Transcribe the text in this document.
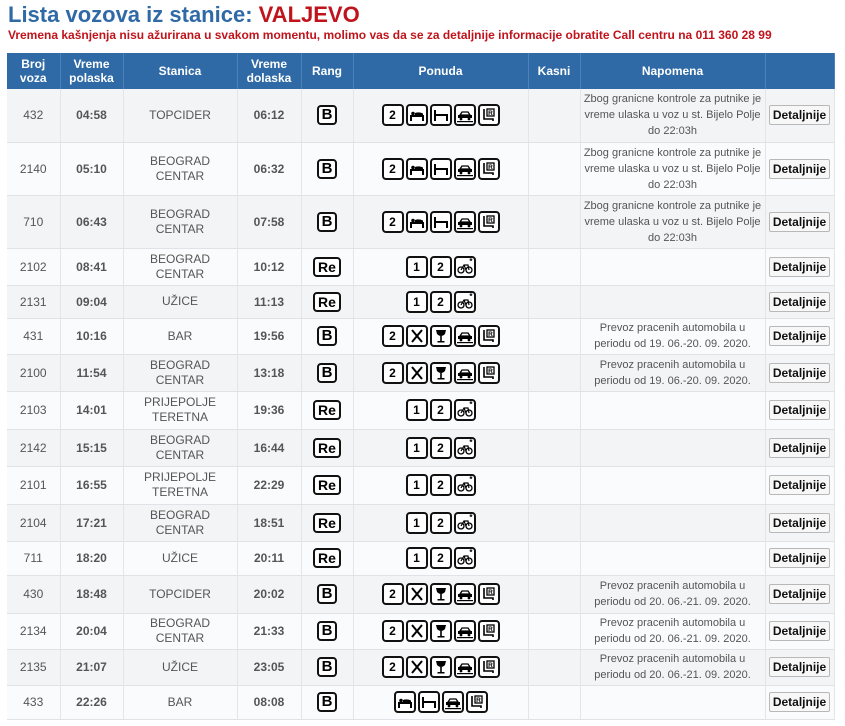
Lista vozova iz stanice: VALJEVO
Vremena kašnjenja nisu ažurirana u svakom momentu, molimo vas da se za detaljnije informacije obratite Call centru na 011 360 28 99
Broj voza	Vreme polaska	Stanica	Vreme dolaska	Rang	Ponuda	Kasni	Napomena	
432	04:58	TOPCIDER	06:12	B	2 R		Zbog granicne kontrole za putnike je vreme ulaska u voz u st. Bijelo Polje do 22:03h	Detaljnije
2140	05:10	BEOGRAD CENTAR	06:32	B	2 R		Zbog granicne kontrole za putnike je vreme ulaska u voz u st. Bijelo Polje do 22:03h	Detaljnije
710	06:43	BEOGRAD CENTAR	07:58	B	2 R		Zbog granicne kontrole za putnike je vreme ulaska u voz u st. Bijelo Polje do 22:03h	Detaljnije
2102	08:41	BEOGRAD CENTAR	10:12	Re	1 2 *			Detaljnije
2131	09:04	UŽICE	11:13	Re	1 2 *			Detaljnije
431	10:16	BAR	19:56	B	2 R		Prevoz pracenih automobila u periodu od 19. 06.-20. 09. 2020.	Detaljnije
2100	11:54	BEOGRAD CENTAR	13:18	B	2 R		Prevoz pracenih automobila u periodu od 19. 06.-20. 09. 2020.	Detaljnije
2103	14:01	PRIJEPOLJE TERETNA	19:36	Re	1 2 *			Detaljnije
2142	15:15	BEOGRAD CENTAR	16:44	Re	1 2 *			Detaljnije
2101	16:55	PRIJEPOLJE TERETNA	22:29	Re	1 2 *			Detaljnije
2104	17:21	BEOGRAD CENTAR	18:51	Re	1 2 *			Detaljnije
711	18:20	UŽICE	20:11	Re	1 2 *			Detaljnije
430	18:48	TOPCIDER	20:02	B	2 R		Prevoz pracenih automobila u periodu od 20. 06.-21. 09. 2020.	Detaljnije
2134	20:04	BEOGRAD CENTAR	21:33	B	2 R		Prevoz pracenih automobila u periodu od 20. 06.-21. 09. 2020.	Detaljnije
2135	21:07	UŽICE	23:05	B	2 R		Prevoz pracenih automobila u periodu od 20. 06.-21. 09. 2020.	Detaljnije
433	22:26	BAR	08:08	B	R			Detaljnije
